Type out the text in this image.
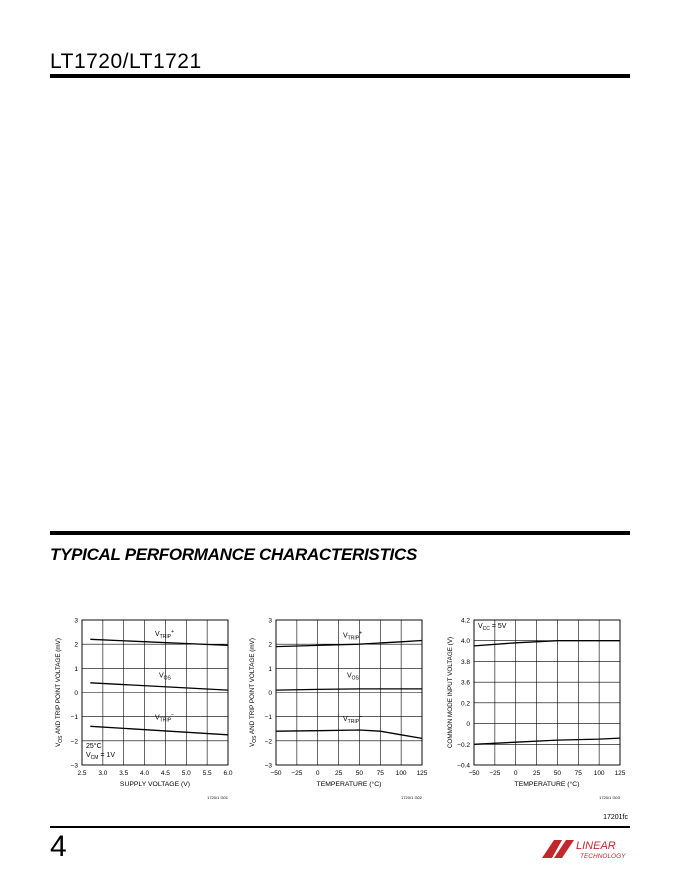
LT1720/LT1721
TYPICAL PERFORMANCE CHARACTERISTICS
2.5 3.0 3.5 4.0 4.5 5.0 5.5 6.0
3
2
1
0
−1
−2
−3
SUPPLY VOLTAGE (V)
$V_{OS}$ AND TRIP POINT VOLTAGE (mV)
$V_{TRIP}^+$
$V_{OS}$
$V_{TRIP}^-$
25°C
$V_{CM} = 1V$
1720/1 G01
−50 −25 0 25 50 75 100 125
3
2
1
0
−1
−2
−3
TEMPERATURE (°C)
$V_{OS}$ AND TRIP POINT VOLTAGE (mV)
$V_{TRIP}^+$
$V_{OS}$
$V_{TRIP}^-$
1720/1 G02
−50 −25 0 25 50 75 100 125
4.2
4.0
3.8
3.6
0.2
0
−0.2
−0.4
TEMPERATURE (°C)
COMMON MODE INPUT VOLTAGE (V)
$V_{CC} = 5V$
1720/1 G03
17201fc
4	LINEAR
TECHNOLOGY
